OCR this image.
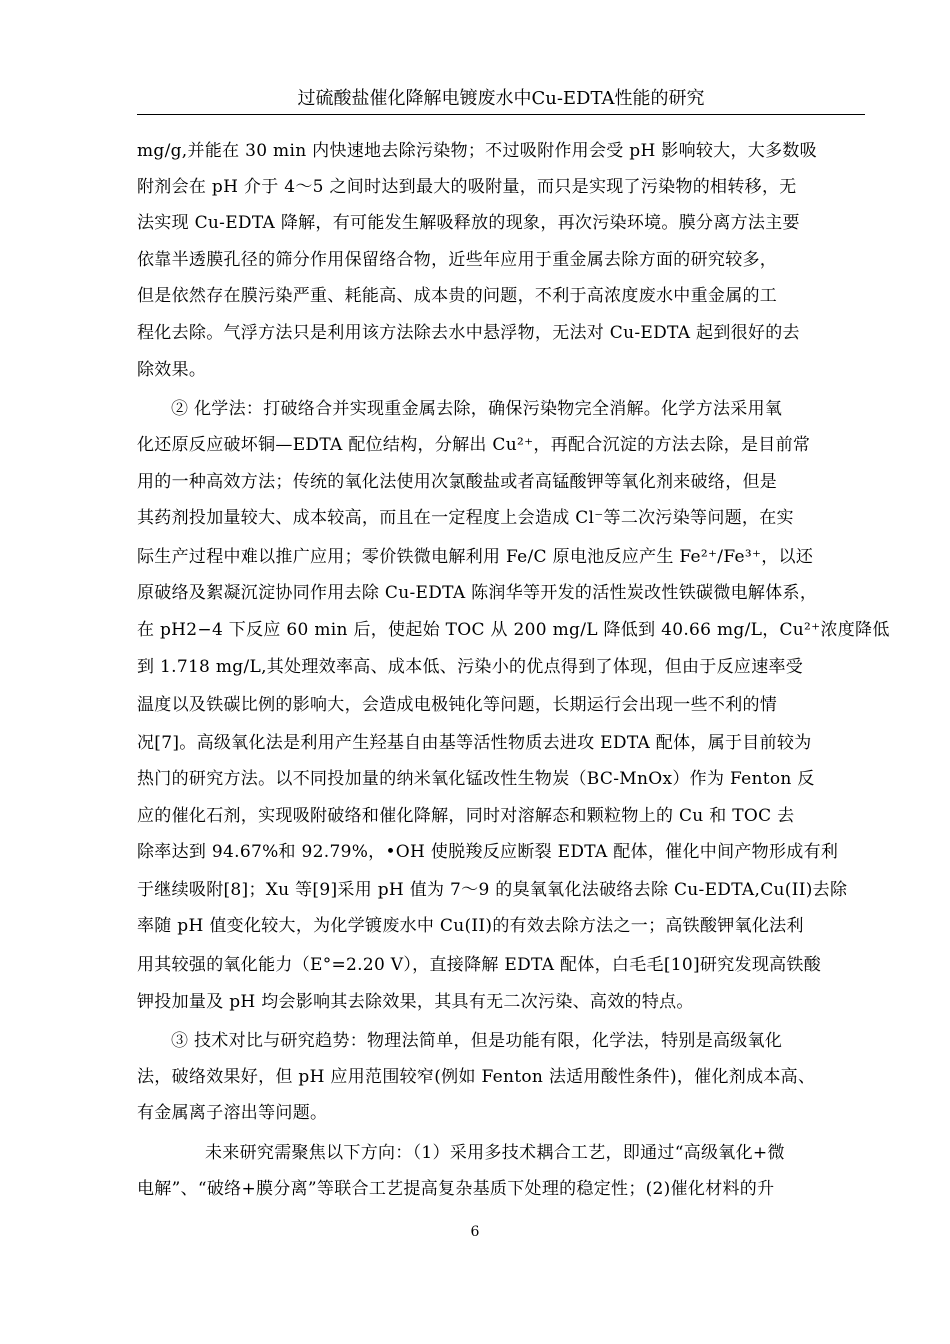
过硫酸盐催化降解电镀废水中Cu-EDTA性能的研究
mg/g,并能在 30 min 内快速地去除污染物；不过吸附作用会受 pH 影响较大，大多数吸
附剂会在 pH 介于 4～5 之间时达到最大的吸附量，而只是实现了污染物的相转移，无
法实现 Cu-EDTA 降解，有可能发生解吸释放的现象，再次污染环境。膜分离方法主要
依靠半透膜孔径的筛分作用保留络合物，近些年应用于重金属去除方面的研究较多，
但是依然存在膜污染严重、耗能高、成本贵的问题，不利于高浓度废水中重金属的工
程化去除。气浮方法只是利用该方法除去水中悬浮物，无法对 Cu-EDTA 起到很好的去
除效果。
② 化学法：打破络合并实现重金属去除，确保污染物完全消解。化学方法采用氧
化还原反应破坏铜—EDTA 配位结构，分解出 Cu²⁺，再配合沉淀的方法去除，是目前常
用的一种高效方法；传统的氧化法使用次氯酸盐或者高锰酸钾等氧化剂来破络，但是
其药剂投加量较大、成本较高，而且在一定程度上会造成 Cl⁻等二次污染等问题，在实
际生产过程中难以推广应用；零价铁微电解利用 Fe/C 原电池反应产生 Fe²⁺/Fe³⁺，以还
原破络及絮凝沉淀协同作用去除 Cu-EDTA 陈润华等开发的活性炭改性铁碳微电解体系，
在 pH2−4 下反应 60 min 后，使起始 TOC 从 200 mg/L 降低到 40.66 mg/L，Cu²⁺浓度降低
到 1.718 mg/L,其处理效率高、成本低、污染小的优点得到了体现，但由于反应速率受
温度以及铁碳比例的影响大，会造成电极钝化等问题，长期运行会出现一些不利的情
况[7]。高级氧化法是利用产生羟基自由基等活性物质去进攻 EDTA 配体，属于目前较为
热门的研究方法。以不同投加量的纳米氧化锰改性生物炭（BC-MnOx）作为 Fenton 反
应的催化石剂，实现吸附破络和催化降解，同时对溶解态和颗粒物上的 Cu 和 TOC 去
除率达到 94.67%和 92.79%，•OH 使脱羧反应断裂 EDTA 配体，催化中间产物形成有利
于继续吸附[8]；Xu 等[9]采用 pH 值为 7～9 的臭氧氧化法破络去除 Cu-EDTA,Cu(II)去除
率随 pH 值变化较大，为化学镀废水中 Cu(II)的有效去除方法之一；高铁酸钾氧化法利
用其较强的氧化能力（E°=2.20 V），直接降解 EDTA 配体，白毛毛[10]研究发现高铁酸
钾投加量及 pH 均会影响其去除效果，其具有无二次污染、高效的特点。
③ 技术对比与研究趋势：物理法简单，但是功能有限，化学法，特别是高级氧化
法，破络效果好，但 pH 应用范围较窄(例如 Fenton 法适用酸性条件)，催化剂成本高、
有金属离子溶出等问题。
未来研究需聚焦以下方向：（1）采用多技术耦合工艺，即通过“高级氧化+微
电解”、“破络+膜分离”等联合工艺提高复杂基质下处理的稳定性；(2)催化材料的升
6
